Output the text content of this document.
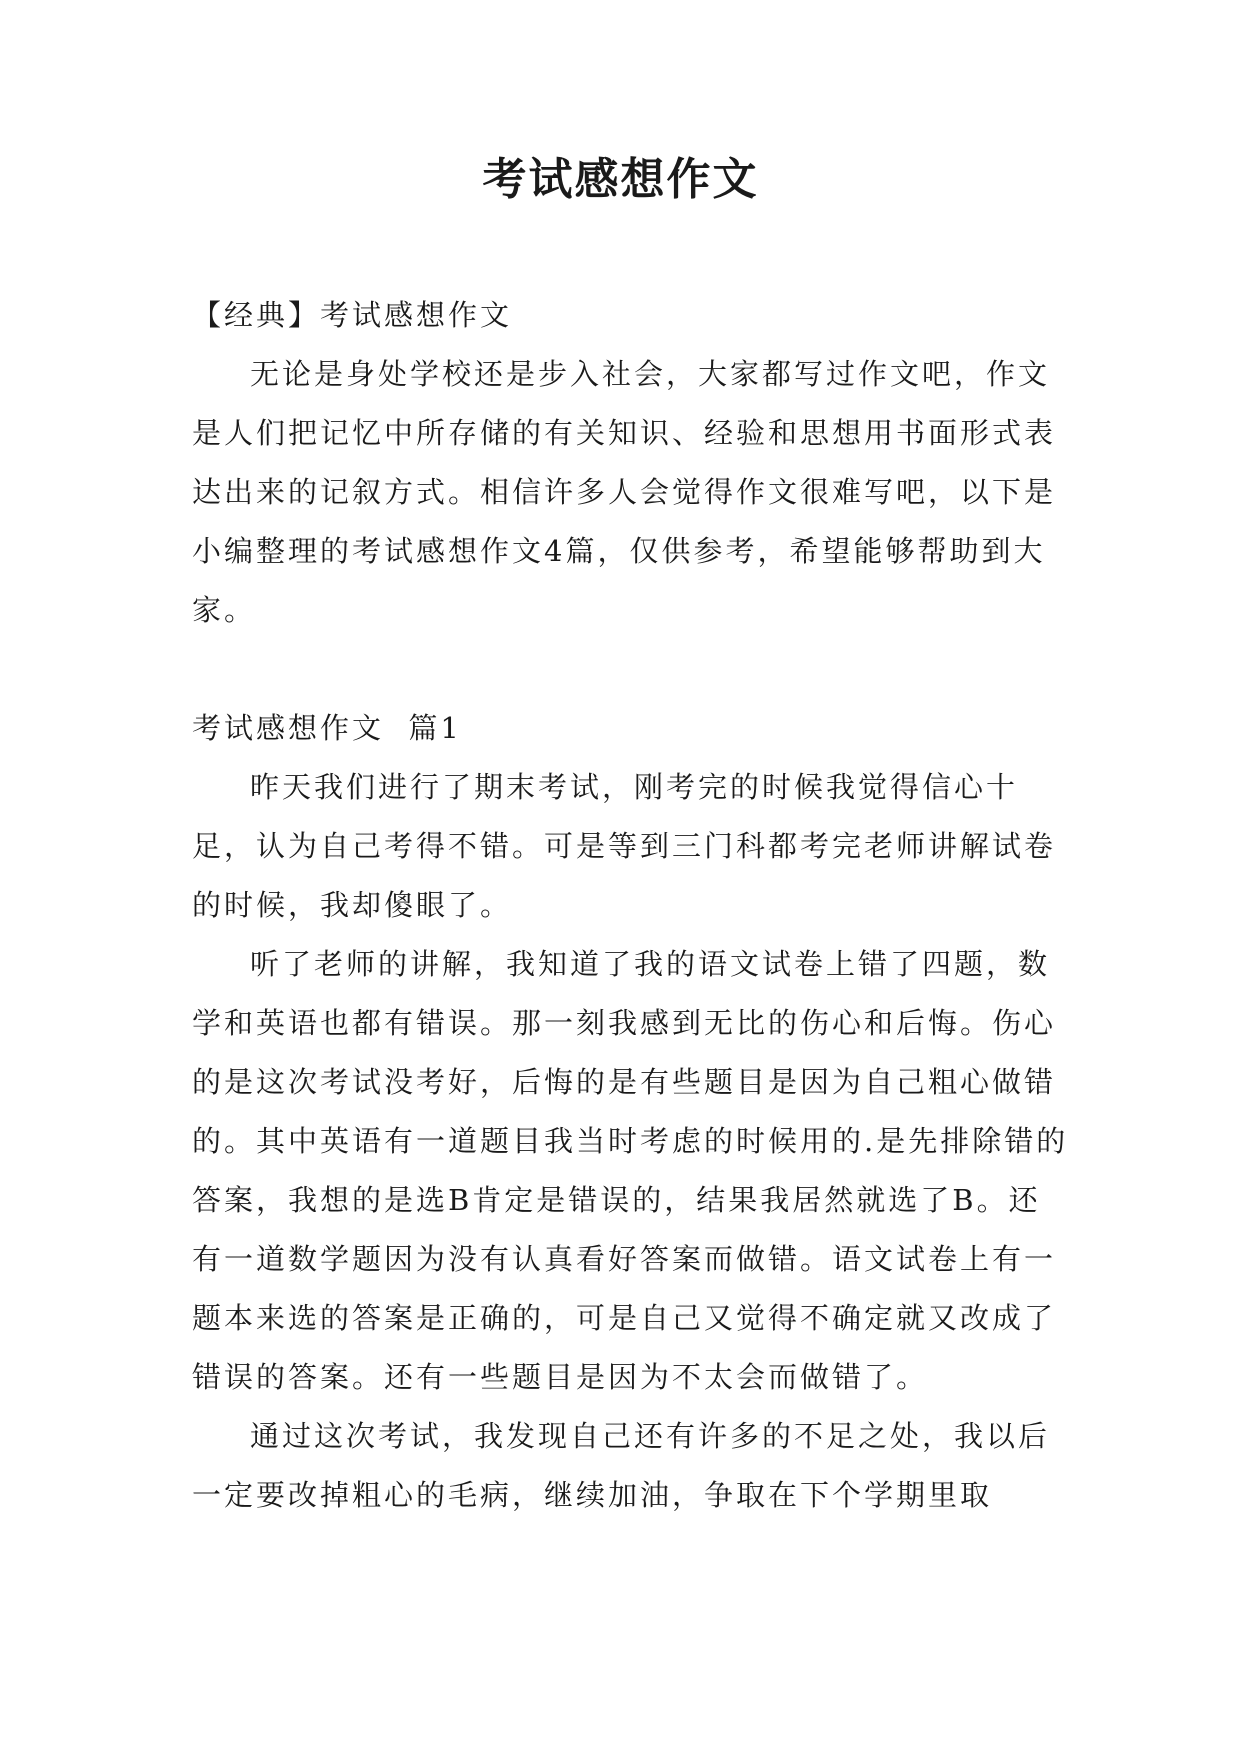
考试感想作文

【经典】考试感想作文

无论是身处学校还是步入社会，大家都写过作文吧，作文是人们把记忆中所存储的有关知识、经验和思想用书面形式表达出来的记叙方式。相信许多人会觉得作文很难写吧，以下是小编整理的考试感想作文4篇，仅供参考，希望能够帮助到大家。

考试感想作文  篇1

昨天我们进行了期末考试，刚考完的时候我觉得信心十足，认为自己考得不错。可是等到三门科都考完老师讲解试卷的时候，我却傻眼了。

听了老师的讲解，我知道了我的语文试卷上错了四题，数学和英语也都有错误。那一刻我感到无比的伤心和后悔。伤心的是这次考试没考好，后悔的是有些题目是因为自己粗心做错的。其中英语有一道题目我当时考虑的时候用的.是先排除错的答案，我想的是选B肯定是错误的，结果我居然就选了B。还有一道数学题因为没有认真看好答案而做错。语文试卷上有一题本来选的答案是正确的，可是自己又觉得不确定就又改成了错误的答案。还有一些题目是因为不太会而做错了。

通过这次考试，我发现自己还有许多的不足之处，我以后一定要改掉粗心的毛病，继续加油，争取在下个学期里取
